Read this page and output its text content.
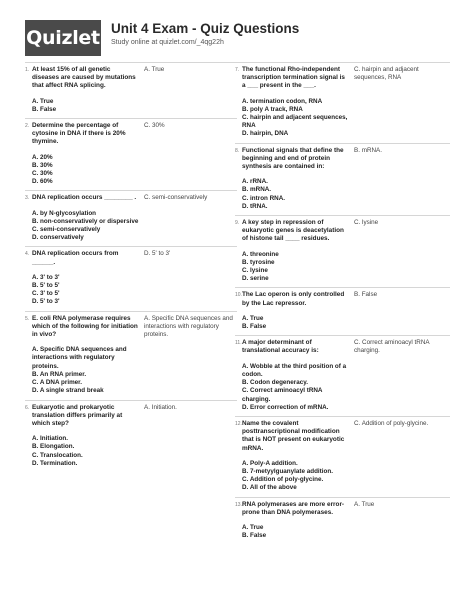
Quizlet Unit 4 Exam - Quiz Questions
Study online at quizlet.com/_4qg22h
1. At least 15% of all genetic diseases are caused by mutations that affect RNA splicing.
A. True
B. False
A. True
2. Determine the percentage of cytosine in DNA if there is 20% thymine.
A. 20%
B. 30%
C. 30%
D. 60%
C. 30%
3. DNA replication occurs ________ .
A. by N-glycosylation
B. non-conservatively or dispersive
C. semi-conservatively
D. conservatively
C. semi-conservatively
4. DNA replication occurs from ______.
A. 3' to 3'
B. 5' to 5'
C. 3' to 5'
D. 5' to 3'
D. 5' to 3'
5. E. coli RNA polymerase requires which of the following for initiation in vivo?
A. Specific DNA sequences and interactions with regulatory proteins.
B. An RNA primer.
C. A DNA primer.
D. A single strand break
A. Specific DNA sequences and interactions with regulatory proteins.
6. Eukaryotic and prokaryotic translation differs primarily at which step?
A. Initiation.
B. Elongation.
C. Translocation.
D. Termination.
A. Initiation.
7. The functional Rho-independent transcription termination signal is a ___ present in the ___.
A. termination codon, RNA
B. poly A track, RNA
C. hairpin and adjacent sequences, RNA
D. hairpin, DNA
C. hairpin and adjacent sequences, RNA
8. Functional signals that define the beginning and end of protein synthesis are contained in:
A. rRNA.
B. mRNA.
C. intron RNA.
D. tRNA.
B. mRNA.
9. A key step in repression of eukaryotic genes is deacetylation of histone tail ____ residues.
A. threonine
B. tyrosine
C. lysine
D. serine
C. lysine
10. The Lac operon is only controlled by the Lac repressor.
A. True
B. False
B. False
11. A major determinant of translational accuracy is:
A. Wobble at the third position of a codon.
B. Codon degeneracy.
C. Correct aminoacyl tRNA charging.
D. Error correction of mRNA.
C. Correct aminoacyl tRNA charging.
12. Name the covalent posttranscriptional modification that is NOT present on eukaryotic mRNA.
A. Poly-A addition.
B. 7-metyylguanylate addition.
C. Addition of poly-glycine.
D. All of the above
C. Addition of poly-glycine.
13. RNA polymerases are more error-prone than DNA polymerases.
A. True
B. False
A. True
